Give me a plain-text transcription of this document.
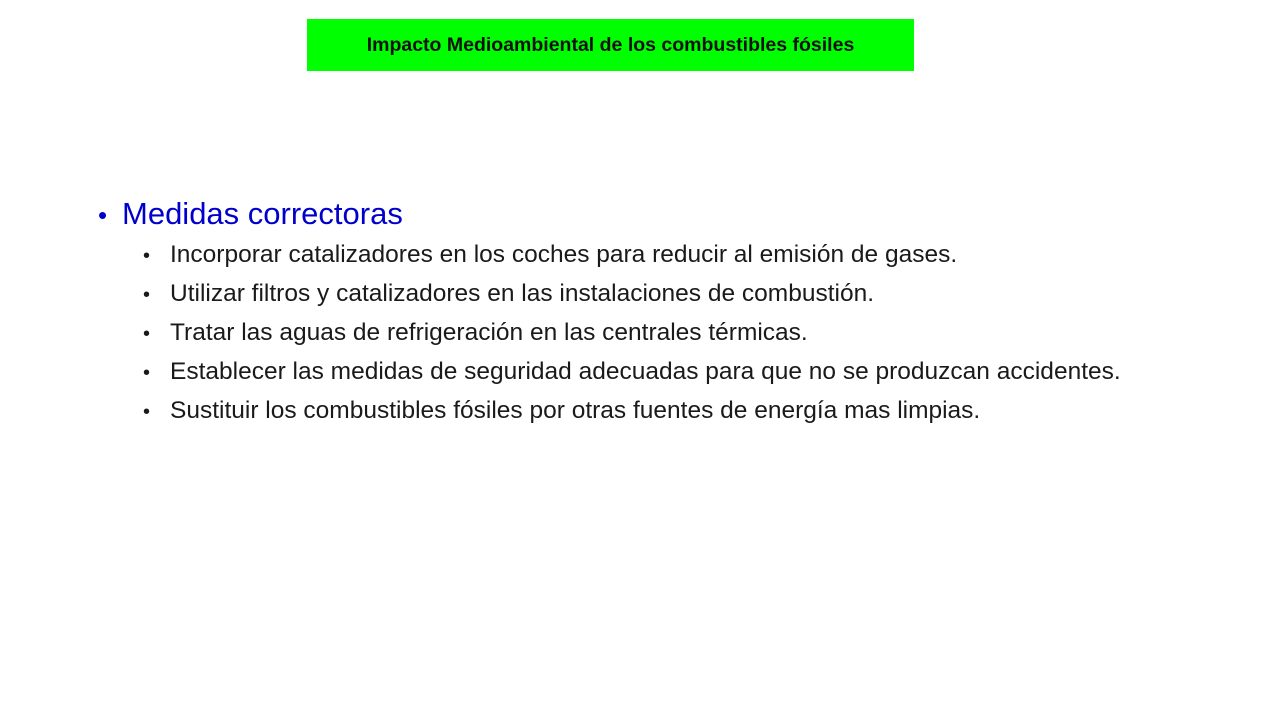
Impacto Medioambiental de los combustibles fósiles
• Medidas correctoras
• Incorporar catalizadores en los coches para reducir al emisión de gases.
• Utilizar filtros y catalizadores en las instalaciones de combustión.
• Tratar las aguas de refrigeración en las centrales térmicas.
• Establecer las medidas de seguridad adecuadas para que no se produzcan accidentes.
• Sustituir los combustibles fósiles por otras fuentes de energía mas limpias.
